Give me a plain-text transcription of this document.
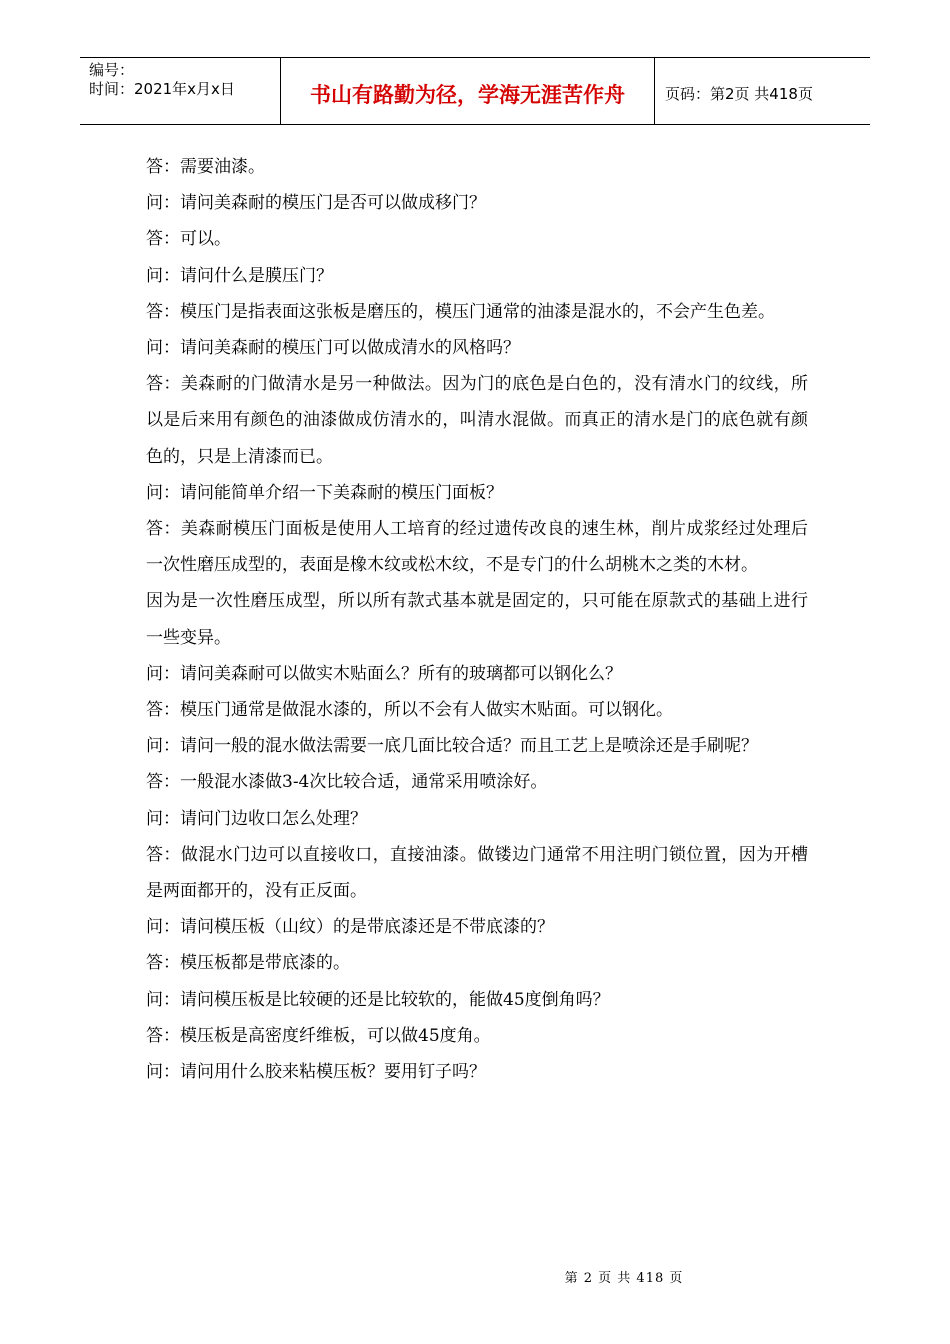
编号：
时间：2021年x月x日	书山有路勤为径，学海无涯苦作舟	页码：第2页 共418页

答：需要油漆。

问：请问美森耐的模压门是否可以做成移门？

答：可以。

问：请问什么是膜压门？

答：模压门是指表面这张板是磨压的，模压门通常的油漆是混水的，不会产生色差。

问：请问美森耐的模压门可以做成清水的风格吗？

答：美森耐的门做清水是另一种做法。因为门的底色是白色的，没有清水门的纹线，所以是后来用有颜色的油漆做成仿清水的，叫清水混做。而真正的清水是门的底色就有颜色的，只是上清漆而已。

问：请问能简单介绍一下美森耐的模压门面板？

答：美森耐模压门面板是使用人工培育的经过遗传改良的速生林，削片成浆经过处理后一次性磨压成型的，表面是橡木纹或松木纹，不是专门的什么胡桃木之类的木材。

因为是一次性磨压成型，所以所有款式基本就是固定的，只可能在原款式的基础上进行一些变异。

问：请问美森耐可以做实木贴面么？所有的玻璃都可以钢化么？

答：模压门通常是做混水漆的，所以不会有人做实木贴面。可以钢化。

问：请问一般的混水做法需要一底几面比较合适？而且工艺上是喷涂还是手刷呢？

答：一般混水漆做3-4次比较合适，通常采用喷涂好。

问：请问门边收口怎么处理？

答：做混水门边可以直接收口，直接油漆。做镂边门通常不用注明门锁位置，因为开槽是两面都开的，没有正反面。

问：请问模压板（山纹）的是带底漆还是不带底漆的？

答：模压板都是带底漆的。

问：请问模压板是比较硬的还是比较软的，能做45度倒角吗？

答：模压板是高密度纤维板，可以做45度角。

问：请问用什么胶来粘模压板？要用钉子吗？

第 2 页 共 418 页
